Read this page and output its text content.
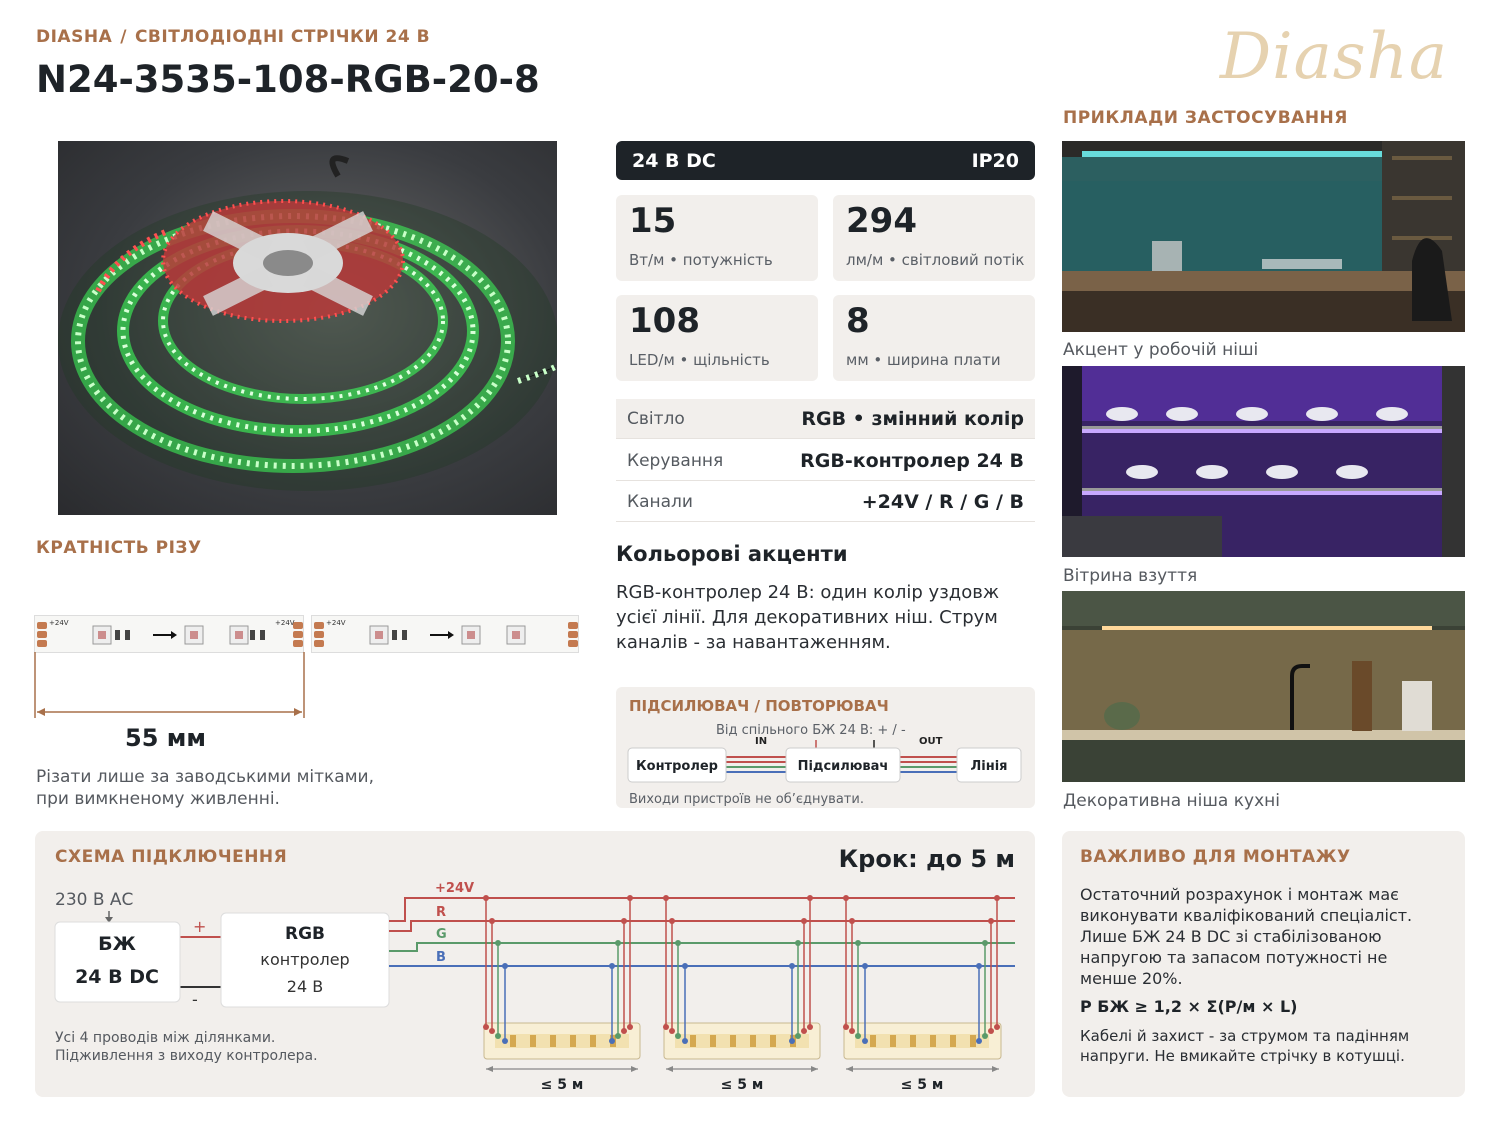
DIASHA / СВІТЛОДІОДНІ СТРІЧКИ 24 В
N24-3535-108-RGB-20-8	Diasha
КРАТНІСТЬ РІЗУ
+24V	+24V	+24V
55 мм
Різати лише за заводськими мітками,
при вимкненому живленні.
24 В DC	IP20
15
Вт/м • потужність
294
лм/м • світловий потік
108
LED/м • щільність
8
мм • ширина плати
Світло	RGB • змінний колір
Керування	RGB-контролер 24 В
Канали	+24V / R / G / B
Кольорові акценти
RGB-контролер 24 В: один колір уздовж усієї лінії. Для декоративних ніш. Струм каналів - за навантаженням.
ПІДСИЛЮВАЧ / ПОВТОРЮВАЧ
Від спільного БЖ 24 В: + / -
IN	OUT
Контролер	Підсилювач	Лінія
Виходи пристроїв не об’єднувати.
ПРИКЛАДИ ЗАСТОСУВАННЯ
Акцент у робочій ніші
Вітрина взуття
Декоративна ніша кухні
СХЕМА ПІДКЛЮЧЕННЯ	Крок: до 5 м
230 В АС
+
-
БЖ
24 В DC
RGB
контролер
24 В
+24V
R
G
B
≤ 5 м	≤ 5 м	≤ 5 м
Усі 4 проводів між ділянками.
Підживлення з виходу контролера.
ВАЖЛИВО ДЛЯ МОНТАЖУ
Остаточний розрахунок і монтаж має виконувати кваліфікований спеціаліст. Лише БЖ 24 В DC зі стабілізованою напругою та запасом потужності не менше 20%.
P БЖ ≥ 1,2 × Σ(P/м × L)
Кабелі й захист - за струмом та падінням напруги. Не вмикайте стрічку в котушці.
